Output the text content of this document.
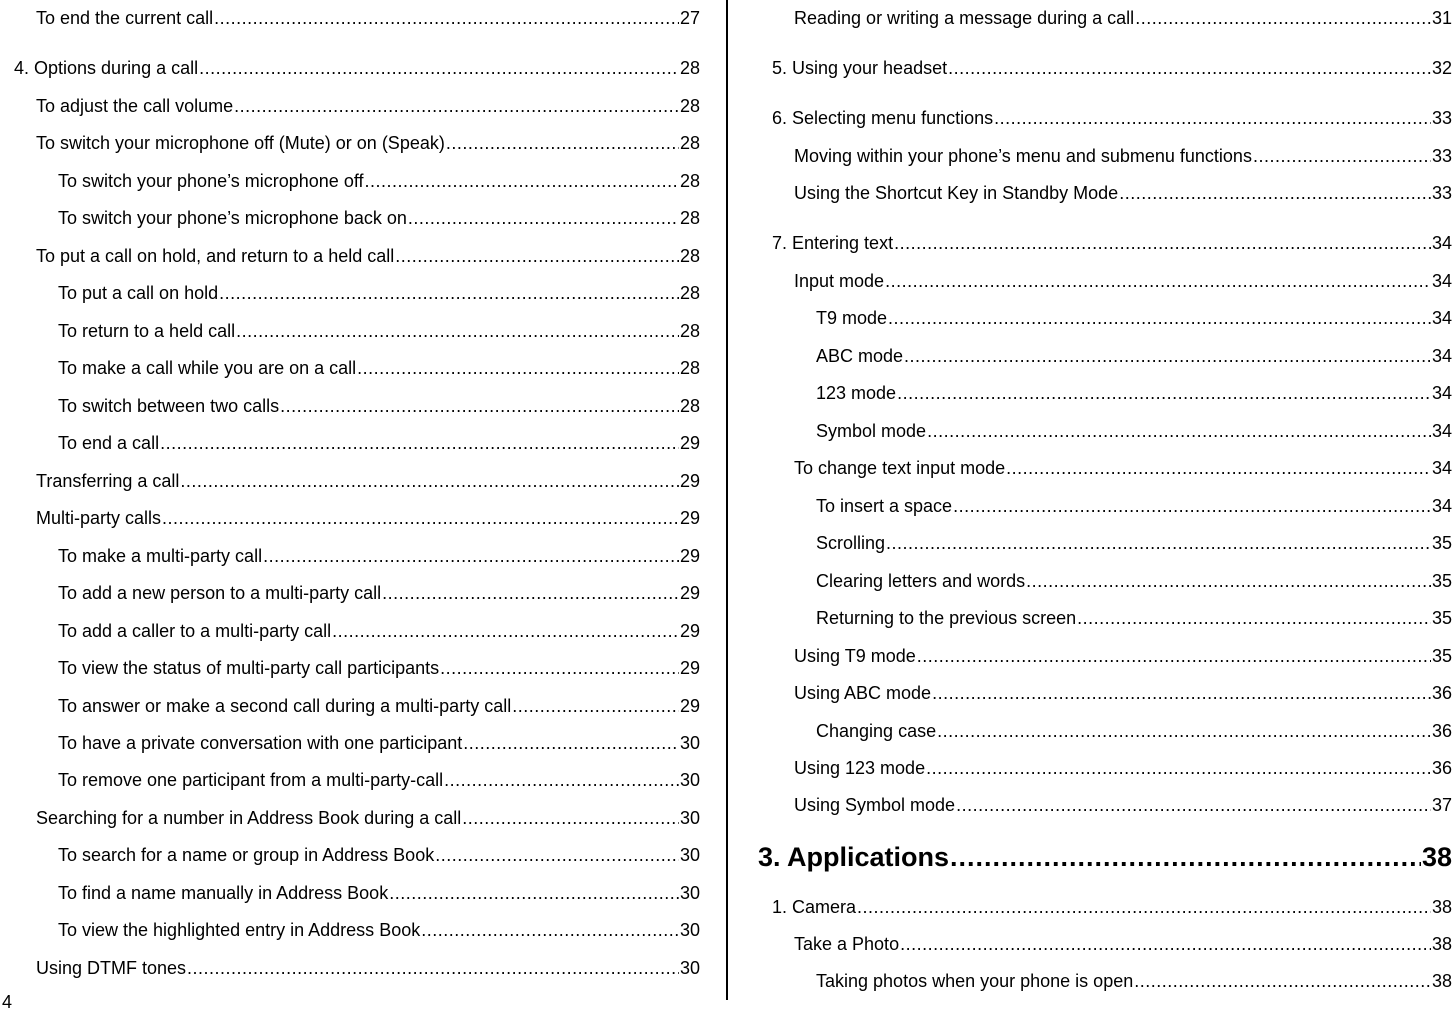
To end the current call .....	27
4. Options during a call .....	28
To adjust the call volume .....	28
To switch your microphone off (Mute) or on (Speak) .....	28
To switch your phone’s microphone off .....	28
To switch your phone’s microphone back on .....	28
To put a call on hold, and return to a held call .....	28
To put a call on hold .....	28
To return to a held call .....	28
To make a call while you are on a call .....	28
To switch between two calls .....	28
To end a call .....	29
Transferring a call .....	29
Multi-party calls .....	29
To make a multi-party call .....	29
To add a new person to a multi-party call .....	29
To add a caller to a multi-party call .....	29
To view the status of multi-party call participants .....	29
To answer or make a second call during a multi-party call .....	29
To have a private conversation with one participant .....	30
To remove one participant from a multi-party-call .....	30
Searching for a number in Address Book during a call .....	30
To search for a name or group in Address Book .....	30
To find a name manually in Address Book .....	30
To view the highlighted entry in Address Book .....	30
Using DTMF tones .....	30
Reading or writing a message during a call .....	31
5. Using your headset .....	32
6. Selecting menu functions .....	33
Moving within your phone’s menu and submenu functions .....	33
Using the Shortcut Key in Standby Mode .....	33
7. Entering text .....	34
Input mode .....	34
T9 mode .....	34
ABC mode .....	34
123 mode .....	34
Symbol mode .....	34
To change text input mode .....	34
To insert a space .....	34
Scrolling .....	35
Clearing letters and words .....	35
Returning to the previous screen .....	35
Using T9 mode .....	35
Using ABC mode .....	36
Changing case .....	36
Using 123 mode .....	36
Using Symbol mode .....	37
3. Applications .....	38
1. Camera .....	38
Take a Photo .....	38
Taking photos when your phone is open .....	38
4
